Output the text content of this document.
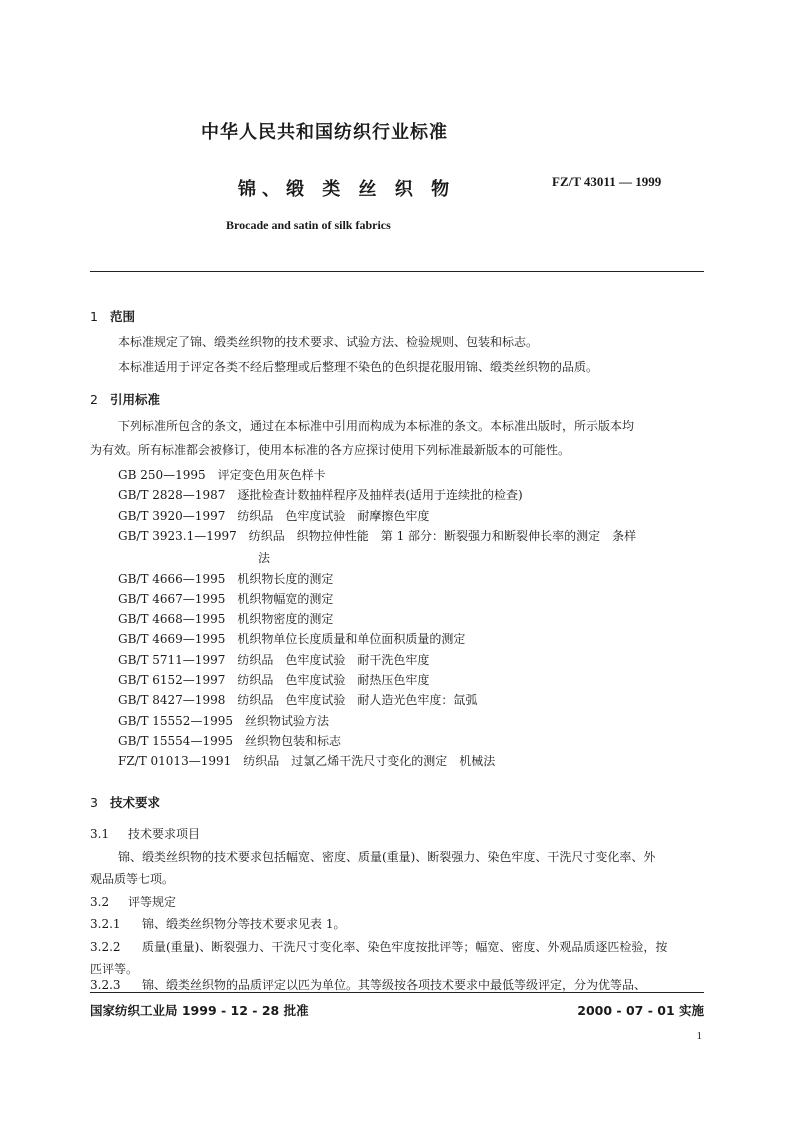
中华人民共和国纺织行业标准
锦、缎 类 丝 织 物	FZ/T 43011 — 1999
Brocade and satin of silk fabrics
1 范围
本标准规定了锦、缎类丝织物的技术要求、试验方法、检验规则、包装和标志。
本标准适用于评定各类不经后整理或后整理不染色的色织提花服用锦、缎类丝织物的品质。
2 引用标准
下列标准所包含的条文，通过在本标准中引用而构成为本标准的条文。本标准出版时，所示版本均
为有效。所有标准都会被修订，使用本标准的各方应探讨使用下列标准最新版本的可能性。
GB 250—1995 评定变色用灰色样卡
GB/T 2828—1987 逐批检查计数抽样程序及抽样表(适用于连续批的检查)
GB/T 3920—1997 纺织品　色牢度试验　耐摩擦色牢度
GB/T 3923.1—1997 纺织品　织物拉伸性能　第 1 部分：断裂强力和断裂伸长率的测定　条样
法
GB/T 4666—1995 机织物长度的测定
GB/T 4667—1995 机织物幅宽的测定
GB/T 4668—1995 机织物密度的测定
GB/T 4669—1995 机织物单位长度质量和单位面积质量的测定
GB/T 5711—1997 纺织品　色牢度试验　耐干洗色牢度
GB/T 6152—1997 纺织品　色牢度试验　耐热压色牢度
GB/T 8427—1998 纺织品　色牢度试验　耐人造光色牢度：氙弧
GB/T 15552—1995 丝织物试验方法
GB/T 15554—1995 丝织物包装和标志
FZ/T 01013—1991 纺织品　过氯乙烯干洗尺寸变化的测定　机械法
3 技术要求
3.1 技术要求项目
锦、缎类丝织物的技术要求包括幅宽、密度、质量(重量)、断裂强力、染色牢度、干洗尺寸变化率、外
观品质等七项。
3.2 评等规定
3.2.1 锦、缎类丝织物分等技术要求见表 1。
3.2.2 质量(重量)、断裂强力、干洗尺寸变化率、染色牢度按批评等；幅宽、密度、外观品质逐匹检验，按
匹评等。
3.2.3 锦、缎类丝织物的品质评定以匹为单位。其等级按各项技术要求中最低等级评定，分为优等品、
国家纺织工业局 1999 - 12 - 28 批准	2000 - 07 - 01 实施
1
